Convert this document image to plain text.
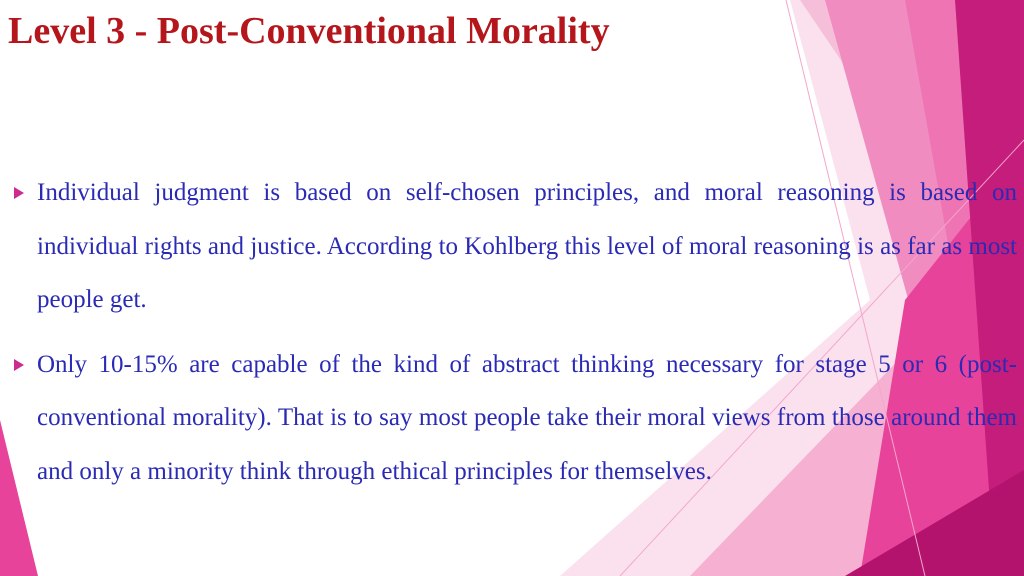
Level 3 - Post-Conventional Morality
Individual judgment is based on self-chosen principles, and moral reasoning is based on individual rights and justice. According to Kohlberg this level of moral reasoning is as far as most people get.
Only 10-15% are capable of the kind of abstract thinking necessary for stage 5 or 6 (post-conventional morality). That is to say most people take their moral views from those around them and only a minority think through ethical principles for themselves.
